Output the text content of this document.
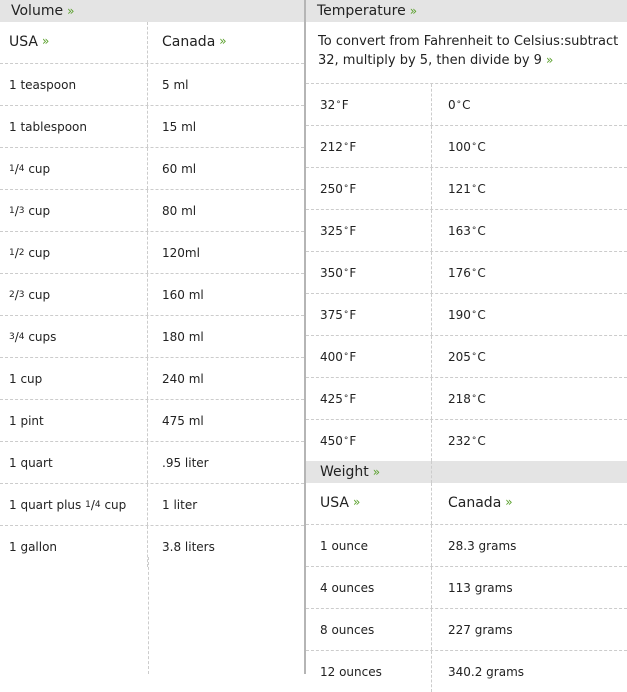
Volume »
USA »	Canada »
1 teaspoon	5 ml
1 tablespoon	15 ml
1 / 4 cup	60 ml
1 / 3 cup	80 ml
1 / 2 cup	120ml
2 / 3 cup	160 ml
3 / 4 cups	180 ml
1 cup	240 ml
1 pint	475 ml
1 quart	.95 liter
1 quart plus 1 / 4 cup	1 liter
1 gallon	3.8 liters
Temperature »
To convert from Fahrenheit to Celsius:subtract 32, multiply by 5, then divide by 9 »
32 ° F	0 ° C
212 ° F	100 ° C
250 ° F	121 ° C
325 ° F	163 ° C
350 ° F	176 ° C
375 ° F	190 ° C
400 ° F	205 ° C
425 ° F	218 ° C
450 ° F	232 ° C
Weight »
USA »	Canada »
1 ounce	28.3 grams
4 ounces	113 grams
8 ounces	227 grams
12 ounces	340.2 grams
